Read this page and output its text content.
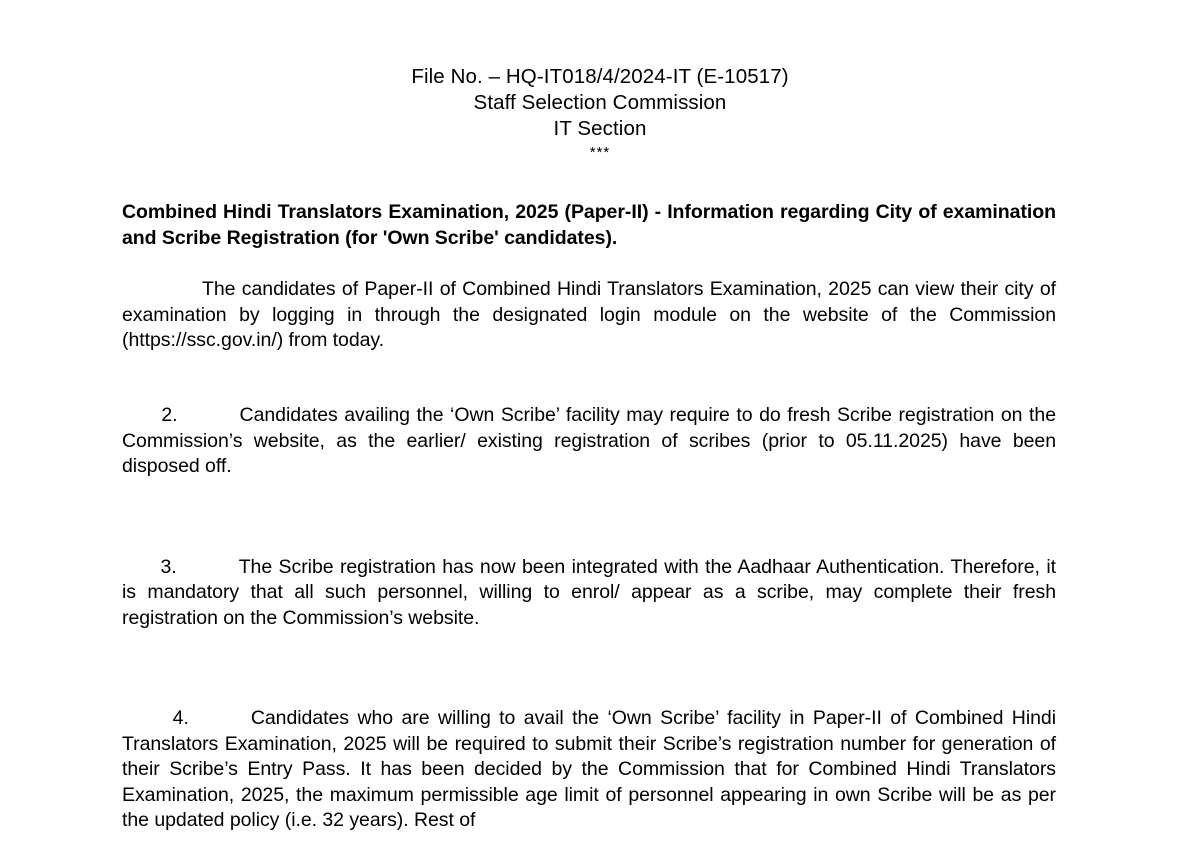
File No. – HQ-IT018/4/2024-IT (E-10517)
Staff Selection Commission
IT Section
***
Combined Hindi Translators Examination, 2025 (Paper-II) - Information regarding City of examination and Scribe Registration (for 'Own Scribe' candidates).
The candidates of Paper-II of Combined Hindi Translators Examination, 2025 can view their city of examination by logging in through the designated login module on the website of the Commission (https://ssc.gov.in/) from today.

2.	Candidates availing the ‘Own Scribe’ facility may require to do fresh Scribe registration on the Commission’s website, as the earlier/ existing registration of scribes (prior to 05.11.2025) have been disposed off.

3.	The Scribe registration has now been integrated with the Aadhaar Authentication. Therefore, it is mandatory that all such personnel, willing to enrol/ appear as a scribe, may complete their fresh registration on the Commission’s website.

4.	Candidates who are willing to avail the ‘Own Scribe’ facility in Paper-II of Combined Hindi Translators Examination, 2025 will be required to submit their Scribe’s registration number for generation of their Scribe’s Entry Pass. It has been decided by the Commission that for Combined Hindi Translators Examination, 2025, the maximum permissible age limit of personnel appearing in own Scribe will be as per the updated policy (i.e. 32 years). Rest of
